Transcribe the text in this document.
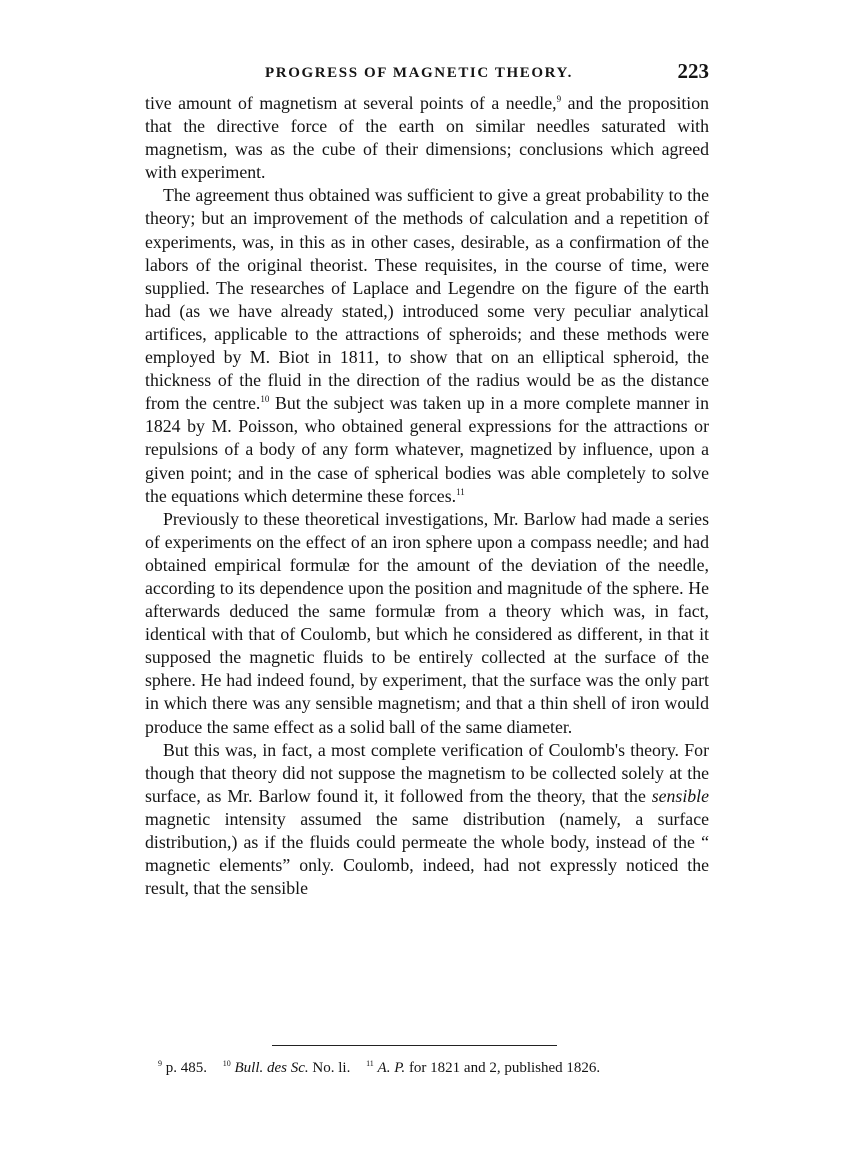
PROGRESS OF MAGNETIC THEORY.	223

tive amount of magnetism at several points of a needle,$^9$ and the proposition that the directive force of the earth on similar needles saturated with magnetism, was as the cube of their dimensions; conclusions which agreed with experiment.

The agreement thus obtained was sufficient to give a great probability to the theory; but an improvement of the methods of calculation and a repetition of experiments, was, in this as in other cases, desirable, as a confirmation of the labors of the original theorist. These requisites, in the course of time, were supplied. The researches of Laplace and Legendre on the figure of the earth had (as we have already stated,) introduced some very peculiar analytical artifices, applicable to the attractions of spheroids; and these methods were employed by M. Biot in 1811, to show that on an elliptical spheroid, the thickness of the fluid in the direction of the radius would be as the distance from the centre.$^{10}$ But the subject was taken up in a more complete manner in 1824 by M. Poisson, who obtained general expressions for the attractions or repulsions of a body of any form whatever, magnetized by influence, upon a given point; and in the case of spherical bodies was able completely to solve the equations which determine these forces.$^{11}$

Previously to these theoretical investigations, Mr. Barlow had made a series of experiments on the effect of an iron sphere upon a compass needle; and had obtained empirical formulæ for the amount of the deviation of the needle, according to its dependence upon the position and magnitude of the sphere. He afterwards deduced the same formulæ from a theory which was, in fact, identical with that of Coulomb, but which he considered as different, in that it supposed the magnetic fluids to be entirely collected at the surface of the sphere. He had indeed found, by experiment, that the surface was the only part in which there was any sensible magnetism; and that a thin shell of iron would produce the same effect as a solid ball of the same diameter.

But this was, in fact, a most complete verification of Coulomb's theory. For though that theory did not suppose the magnetism to be collected solely at the surface, as Mr. Barlow found it, it followed from the theory, that the sensible magnetic intensity assumed the same distribution (namely, a surface distribution,) as if the fluids could permeate the whole body, instead of the “ magnetic elements” only. Coulomb, indeed, had not expressly noticed the result, that the sensible

$^9$ p. 485. $^{10}$ Bull. des Sc. No. li. $^{11}$ A. P. for 1821 and 2, published 1826.
